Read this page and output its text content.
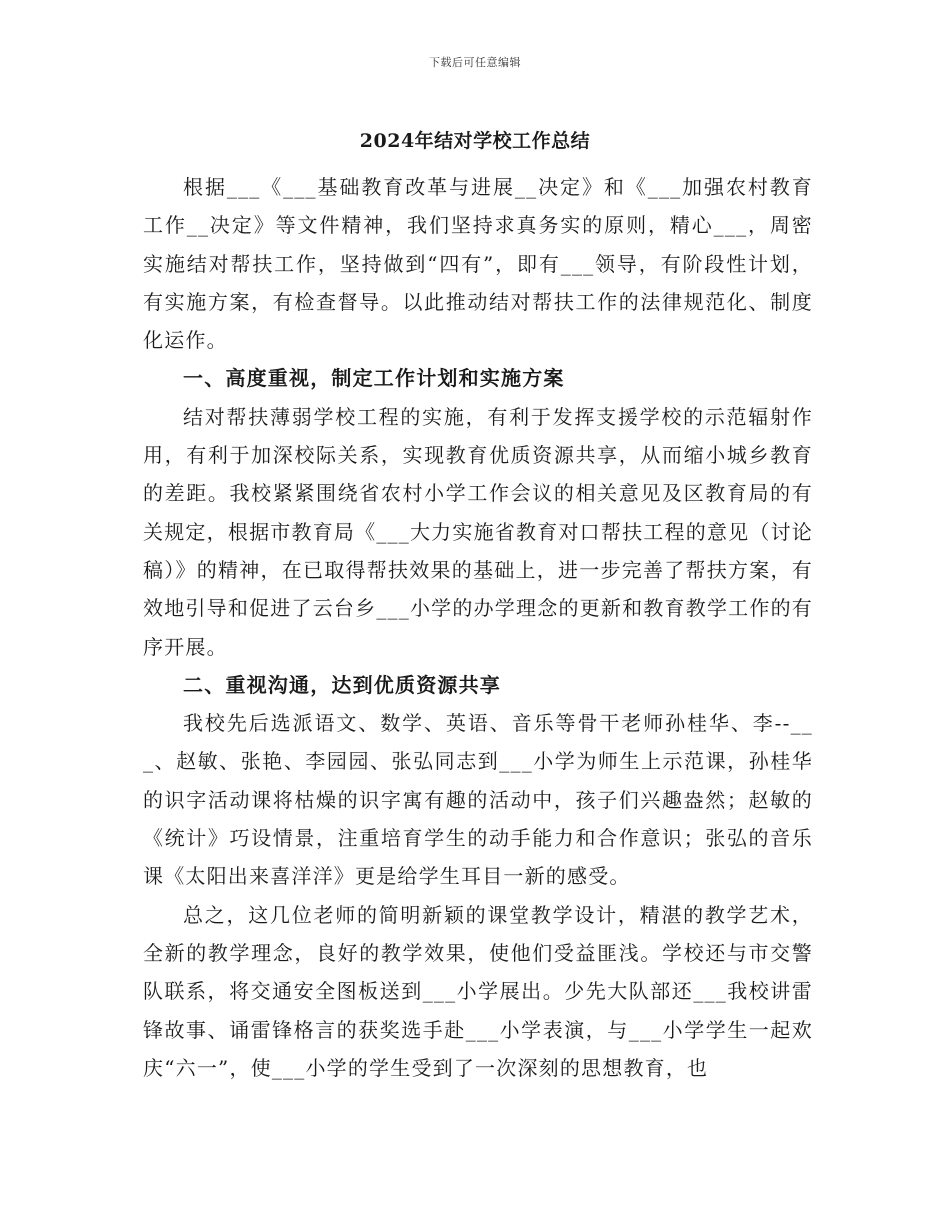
下载后可任意编辑
2024年结对学校工作总结

根据___《___基础教育改革与进展__决定》和《___加强农村教育工作__决定》等文件精神，我们坚持求真务实的原则，精心___，周密实施结对帮扶工作，坚持做到“四有”，即有___领导，有阶段性计划，有实施方案，有检查督导。以此推动结对帮扶工作的法律规范化、制度化运作。

一、高度重视，制定工作计划和实施方案

结对帮扶薄弱学校工程的实施，有利于发挥支援学校的示范辐射作用，有利于加深校际关系，实现教育优质资源共享，从而缩小城乡教育的差距。我校紧紧围绕省农村小学工作会议的相关意见及区教育局的有关规定，根据市教育局《___大力实施省教育对口帮扶工程的意见（讨论稿）》的精神，在已取得帮扶效果的基础上，进一步完善了帮扶方案，有效地引导和促进了云台乡___小学的办学理念的更新和教育教学工作的有序开展。

二、重视沟通，达到优质资源共享

我校先后选派语文、数学、英语、音乐等骨干老师孙桂华、李--___、赵敏、张艳、李园园、张弘同志到___小学为师生上示范课，孙桂华的识字活动课将枯燥的识字寓有趣的活动中，孩子们兴趣盎然；赵敏的《统计》巧设情景，注重培育学生的动手能力和合作意识；张弘的音乐课《太阳出来喜洋洋》更是给学生耳目一新的感受。

总之，这几位老师的简明新颖的课堂教学设计，精湛的教学艺术，全新的教学理念，良好的教学效果，使他们受益匪浅。学校还与市交警队联系，将交通安全图板送到___小学展出。少先大队部还___我校讲雷锋故事、诵雷锋格言的获奖选手赴___小学表演，与___小学学生一起欢庆“六一”，使___小学的学生受到了一次深刻的思想教育，也
